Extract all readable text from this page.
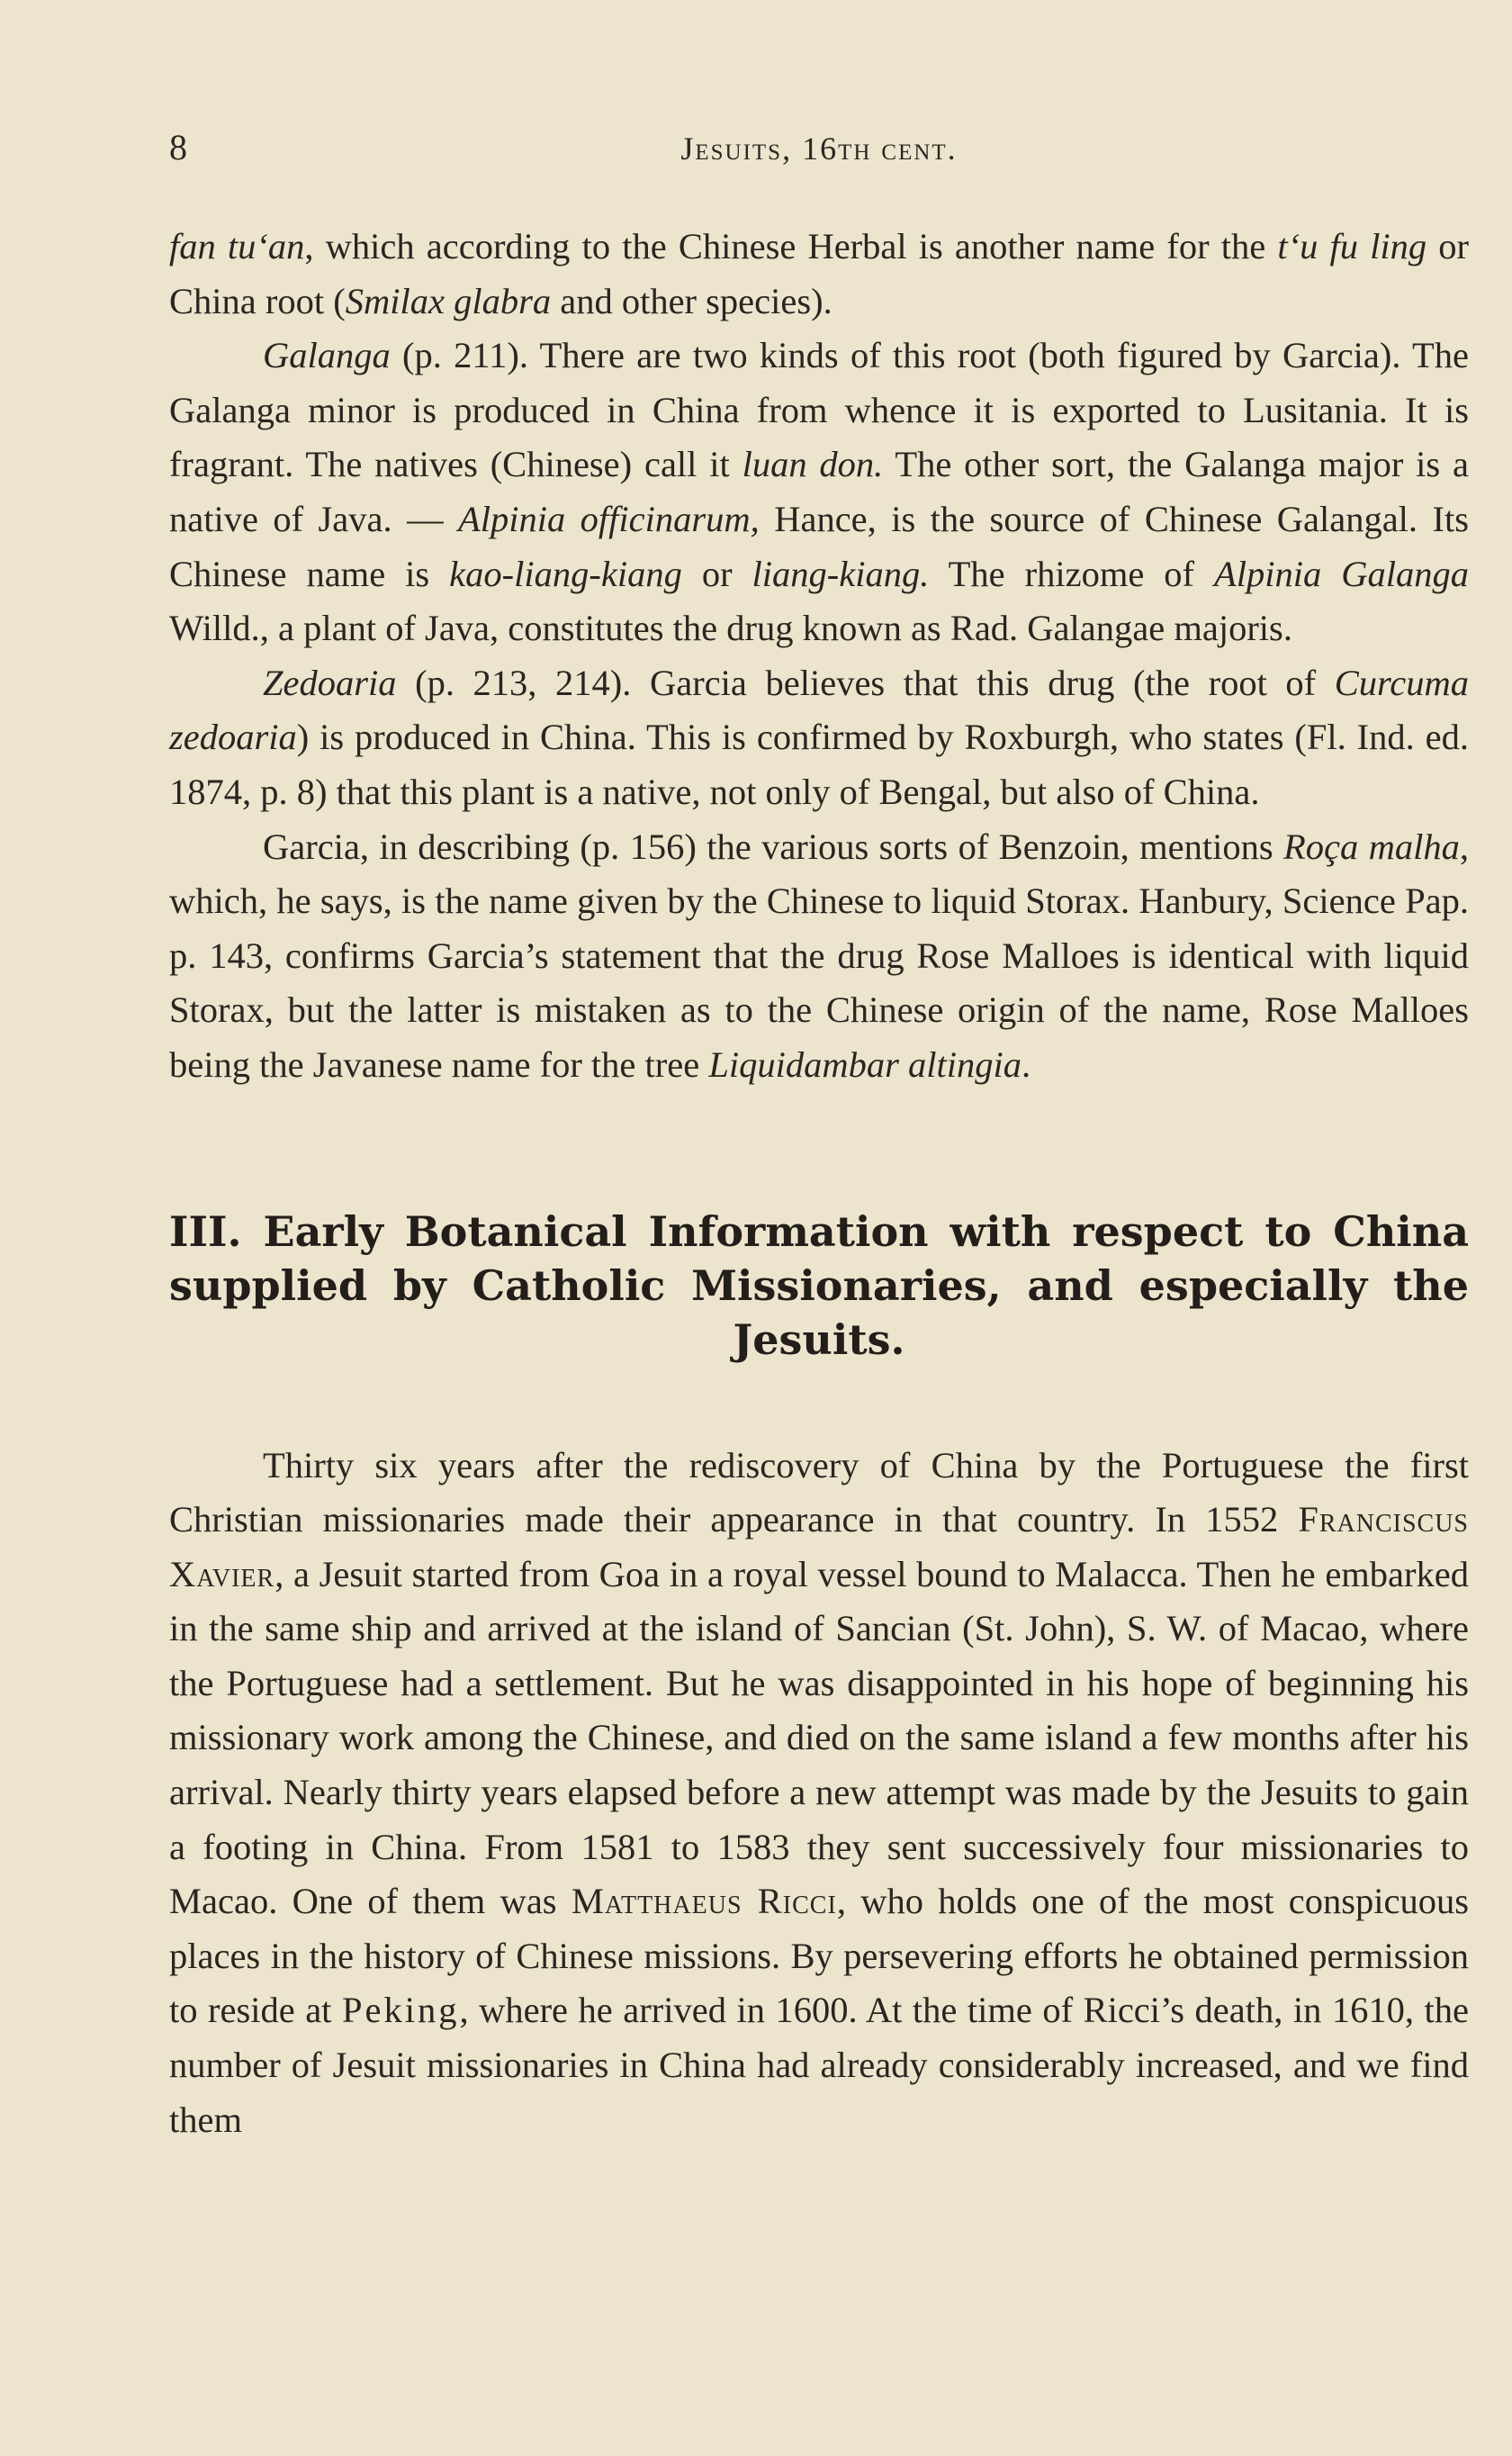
8	Jesuits, 16th cent.

fan tu‘an, which according to the Chinese Herbal is another name for the t‘u fu ling or China root (Smilax glabra and other species).

Galanga (p. 211). There are two kinds of this root (both figured by Garcia). The Galanga minor is produced in China from whence it is exported to Lusitania. It is fragrant. The natives (Chinese) call it luan don. The other sort, the Galanga major is a native of Java. — Alpinia officinarum, Hance, is the source of Chinese Galangal. Its Chinese name is kao-liang-kiang or liang-kiang. The rhizome of Alpinia Galanga Willd., a plant of Java, constitutes the drug known as Rad. Galangae majoris.

Zedoaria (p. 213, 214). Garcia believes that this drug (the root of Curcuma zedoaria) is produced in China. This is confirmed by Roxburgh, who states (Fl. Ind. ed. 1874, p. 8) that this plant is a native, not only of Bengal, but also of China.

Garcia, in describing (p. 156) the various sorts of Benzoin, mentions Roça malha, which, he says, is the name given by the Chinese to liquid Storax. Hanbury, Science Pap. p. 143, confirms Garcia’s statement that the drug Rose Malloes is identical with liquid Storax, but the latter is mistaken as to the Chinese origin of the name, Rose Malloes being the Javanese name for the tree Liquidambar altingia.

III. Early Botanical Information with respect to China supplied by Catholic Missionaries, and especially the Jesuits.

Thirty six years after the rediscovery of China by the Portuguese the first Christian missionaries made their appearance in that country. In 1552 Franciscus Xavier, a Jesuit started from Goa in a royal vessel bound to Malacca. Then he embarked in the same ship and arrived at the island of Sancian (St. John), S. W. of Macao, where the Portuguese had a settlement. But he was disappointed in his hope of beginning his missionary work among the Chinese, and died on the same island a few months after his arrival. Nearly thirty years elapsed before a new attempt was made by the Jesuits to gain a footing in China. From 1581 to 1583 they sent successively four missionaries to Macao. One of them was Matthaeus Ricci, who holds one of the most conspicuous places in the history of Chinese missions. By persevering efforts he obtained permission to reside at Peking, where he arrived in 1600. At the time of Ricci’s death, in 1610, the number of Jesuit missionaries in China had already considerably increased, and we find them
